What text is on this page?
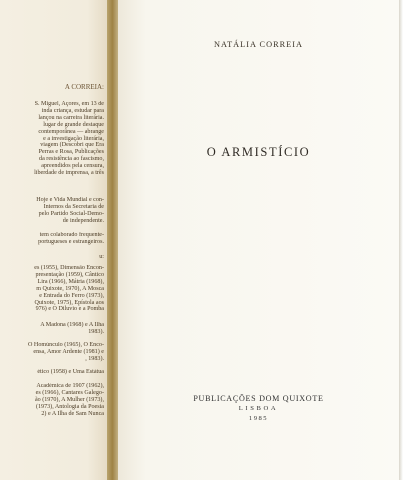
A CORREIA:
S. Miguel, Açores, em 13 de
inda criança, estudar para
lançou na carreira literária.
lugar de grande destaque
contemporânea — abrange
e a investigação literária,
viagem (Descobri que Era
Perras e Rosa, Publicações
da resistência ao fascismo,
apreendidos pela censura,
liberdade de imprensa, a três
Hoje e Vida Mundial e con-
Internos da Secretaria de
pelo Partido Social-Demo-
de independente.
tem colaborado frequente-
portugueses e estrangeiros.
u:
es (1955), Dimensão Encon-
presentação (1959), Cântico
Lira (1966), Mátria (1968),
m Quixote, 1970), A Mosca
e Entrada do Ferro (1973),
Quixote, 1975), Epístola aos
976) e O Diluvio e a Pomba
A Madona (1968) e A Ilha
1983).
O Homúnculo (1965), O Enco-
ensa, Amor Ardente (1981) e
, 1983).
ético (1958) e Uma Estátua
Académica de 1907 (1962),
es (1966), Cantares Galego-
ão (1970), A Mulher (1973),
(1973), Antologia da Poesia
2) e A Ilha de Sam Nunca
NATÁLIA CORREIA
O ARMISTÍCIO
PUBLICAÇÕES DOM QUIXOTE
LISBOA
1985
